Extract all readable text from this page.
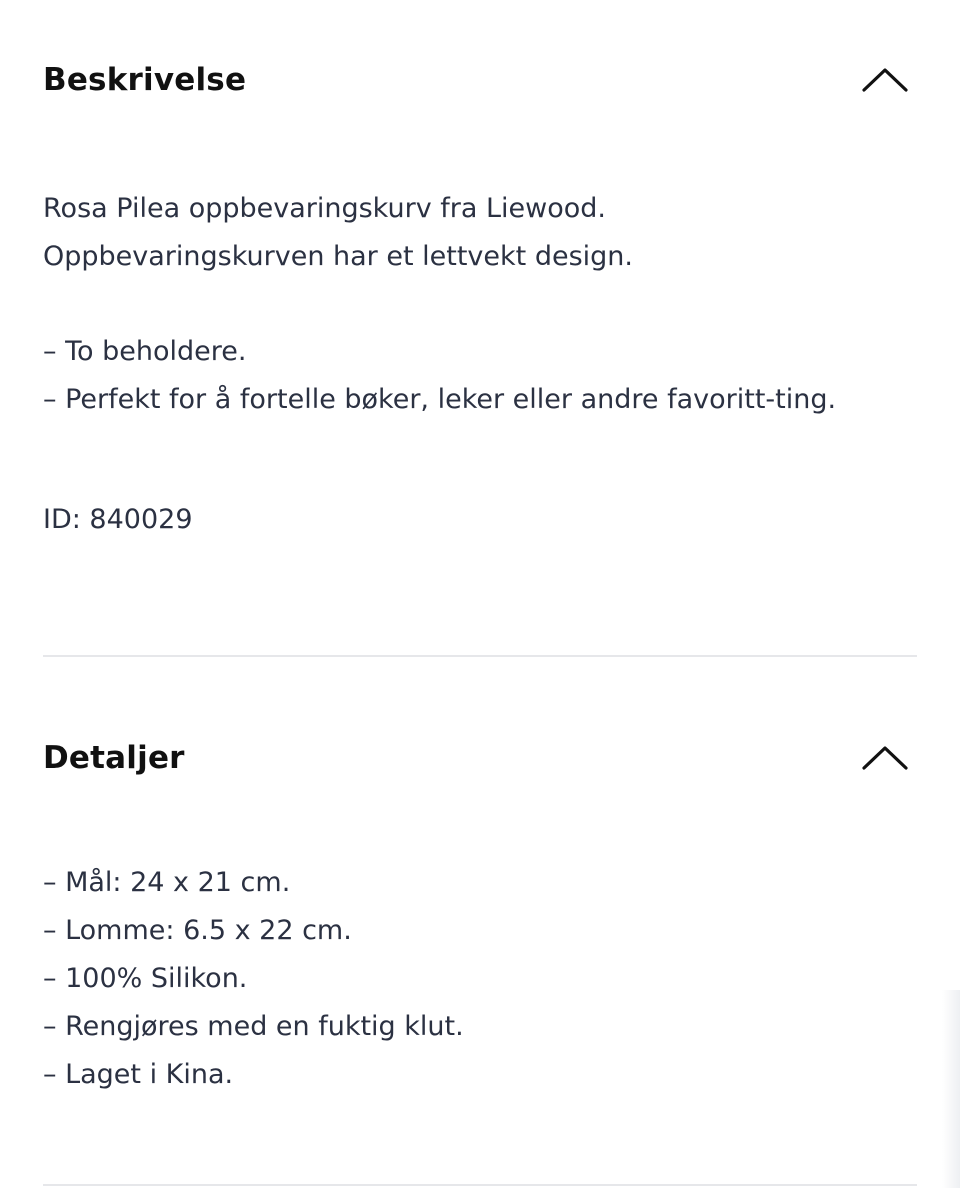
Beskrivelse
Rosa Pilea oppbevaringskurv fra Liewood.
Oppbevaringskurven har et lettvekt design.
– To beholdere.
– Perfekt for å fortelle bøker, leker eller andre favoritt-ting.
ID: 840029
Detaljer
– Mål: 24 x 21 cm.
– Lomme: 6.5 x 22 cm.
– 100% Silikon.
– Rengjøres med en fuktig klut.
– Laget i Kina.
